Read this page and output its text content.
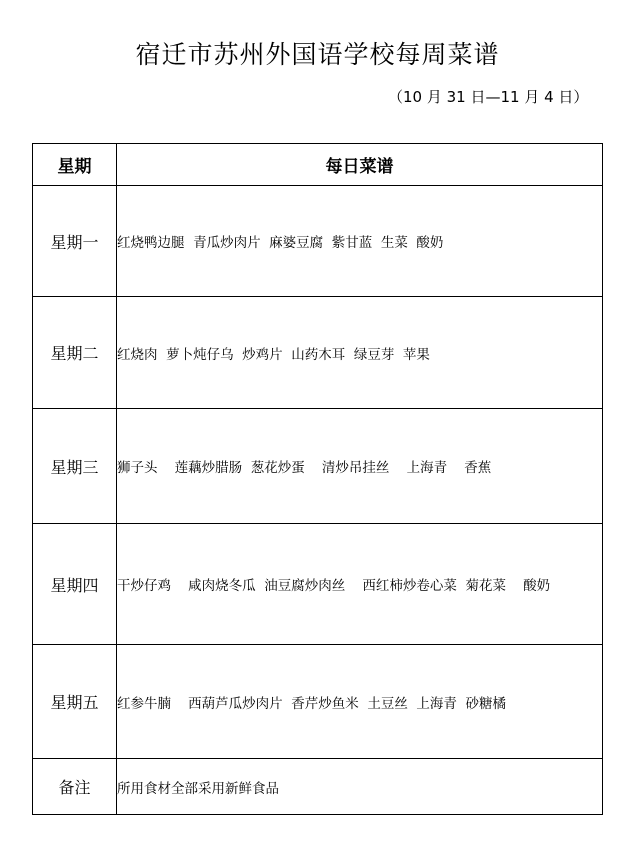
宿迁市苏州外国语学校每周菜谱
（10 月 31 日—11 月 4 日）
星期	每日菜谱
星期一	红烧鸭边腿  青瓜炒肉片  麻婆豆腐  紫甘蓝  生菜  酸奶
星期二	红烧肉  萝卜炖仔乌  炒鸡片  山药木耳  绿豆芽  苹果
星期三	狮子头    莲藕炒腊肠  葱花炒蛋    清炒吊挂丝    上海青    香蕉
星期四	干炒仔鸡    咸肉烧冬瓜  油豆腐炒肉丝    西红柿炒卷心菜  菊花菜    酸奶
星期五	红参牛腩    西葫芦瓜炒肉片  香芹炒鱼米  土豆丝  上海青  砂糖橘
备注	所用食材全部采用新鲜食品
